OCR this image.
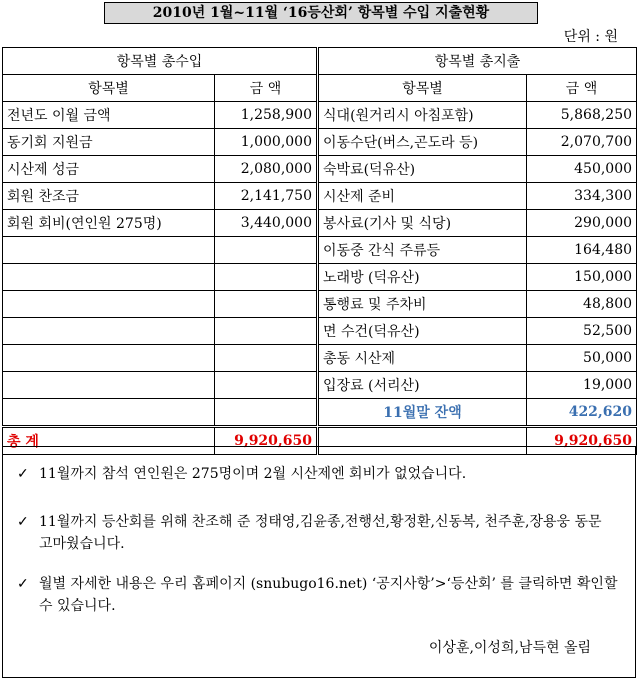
2010년 1월~11월 ‘16등산회’ 항목별 수입 지출현황
단위 : 원
항목별 총수입			항목별 총지출	
항목별	금 액		항목별	금 액
전년도 이월 금액	1,258,900		식대(원거리시 아침포함)	5,868,250
동기회 지원금	1,000,000		이동수단(버스,곤도라 등)	2,070,700
시산제 성금	2,080,000		숙박료(덕유산)	450,000
회원 찬조금	2,141,750		시산제 준비	334,300
회원 회비(연인원 275명)	3,440,000		봉사료(기사 및 식당)	290,000
			이동중 간식 주류등	164,480
			노래방 (덕유산)	150,000
			통행료 및 주차비	48,800
			면 수건(덕유산)	52,500
			총동 시산제	50,000
			입장료 (서리산)	19,000
			11월말 잔액	422,620
총 계	9,920,650			9,920,650
✓ 11월까지 참석 연인원은 275명이며 2월 시산제엔 회비가 없었습니다.
✓ 11월까지 등산회를 위해 찬조해 준 정태영,김윤종,전행선,황정환,신동복, 천주훈,장용웅 동문 고마웠습니다.
✓ 월별 자세한 내용은 우리 홈페이지 (snubugo16.net) ‘공지사항’>‘등산회’ 를 클릭하면 확인할 수 있습니다.
이상훈,이성희,남득현 올림
